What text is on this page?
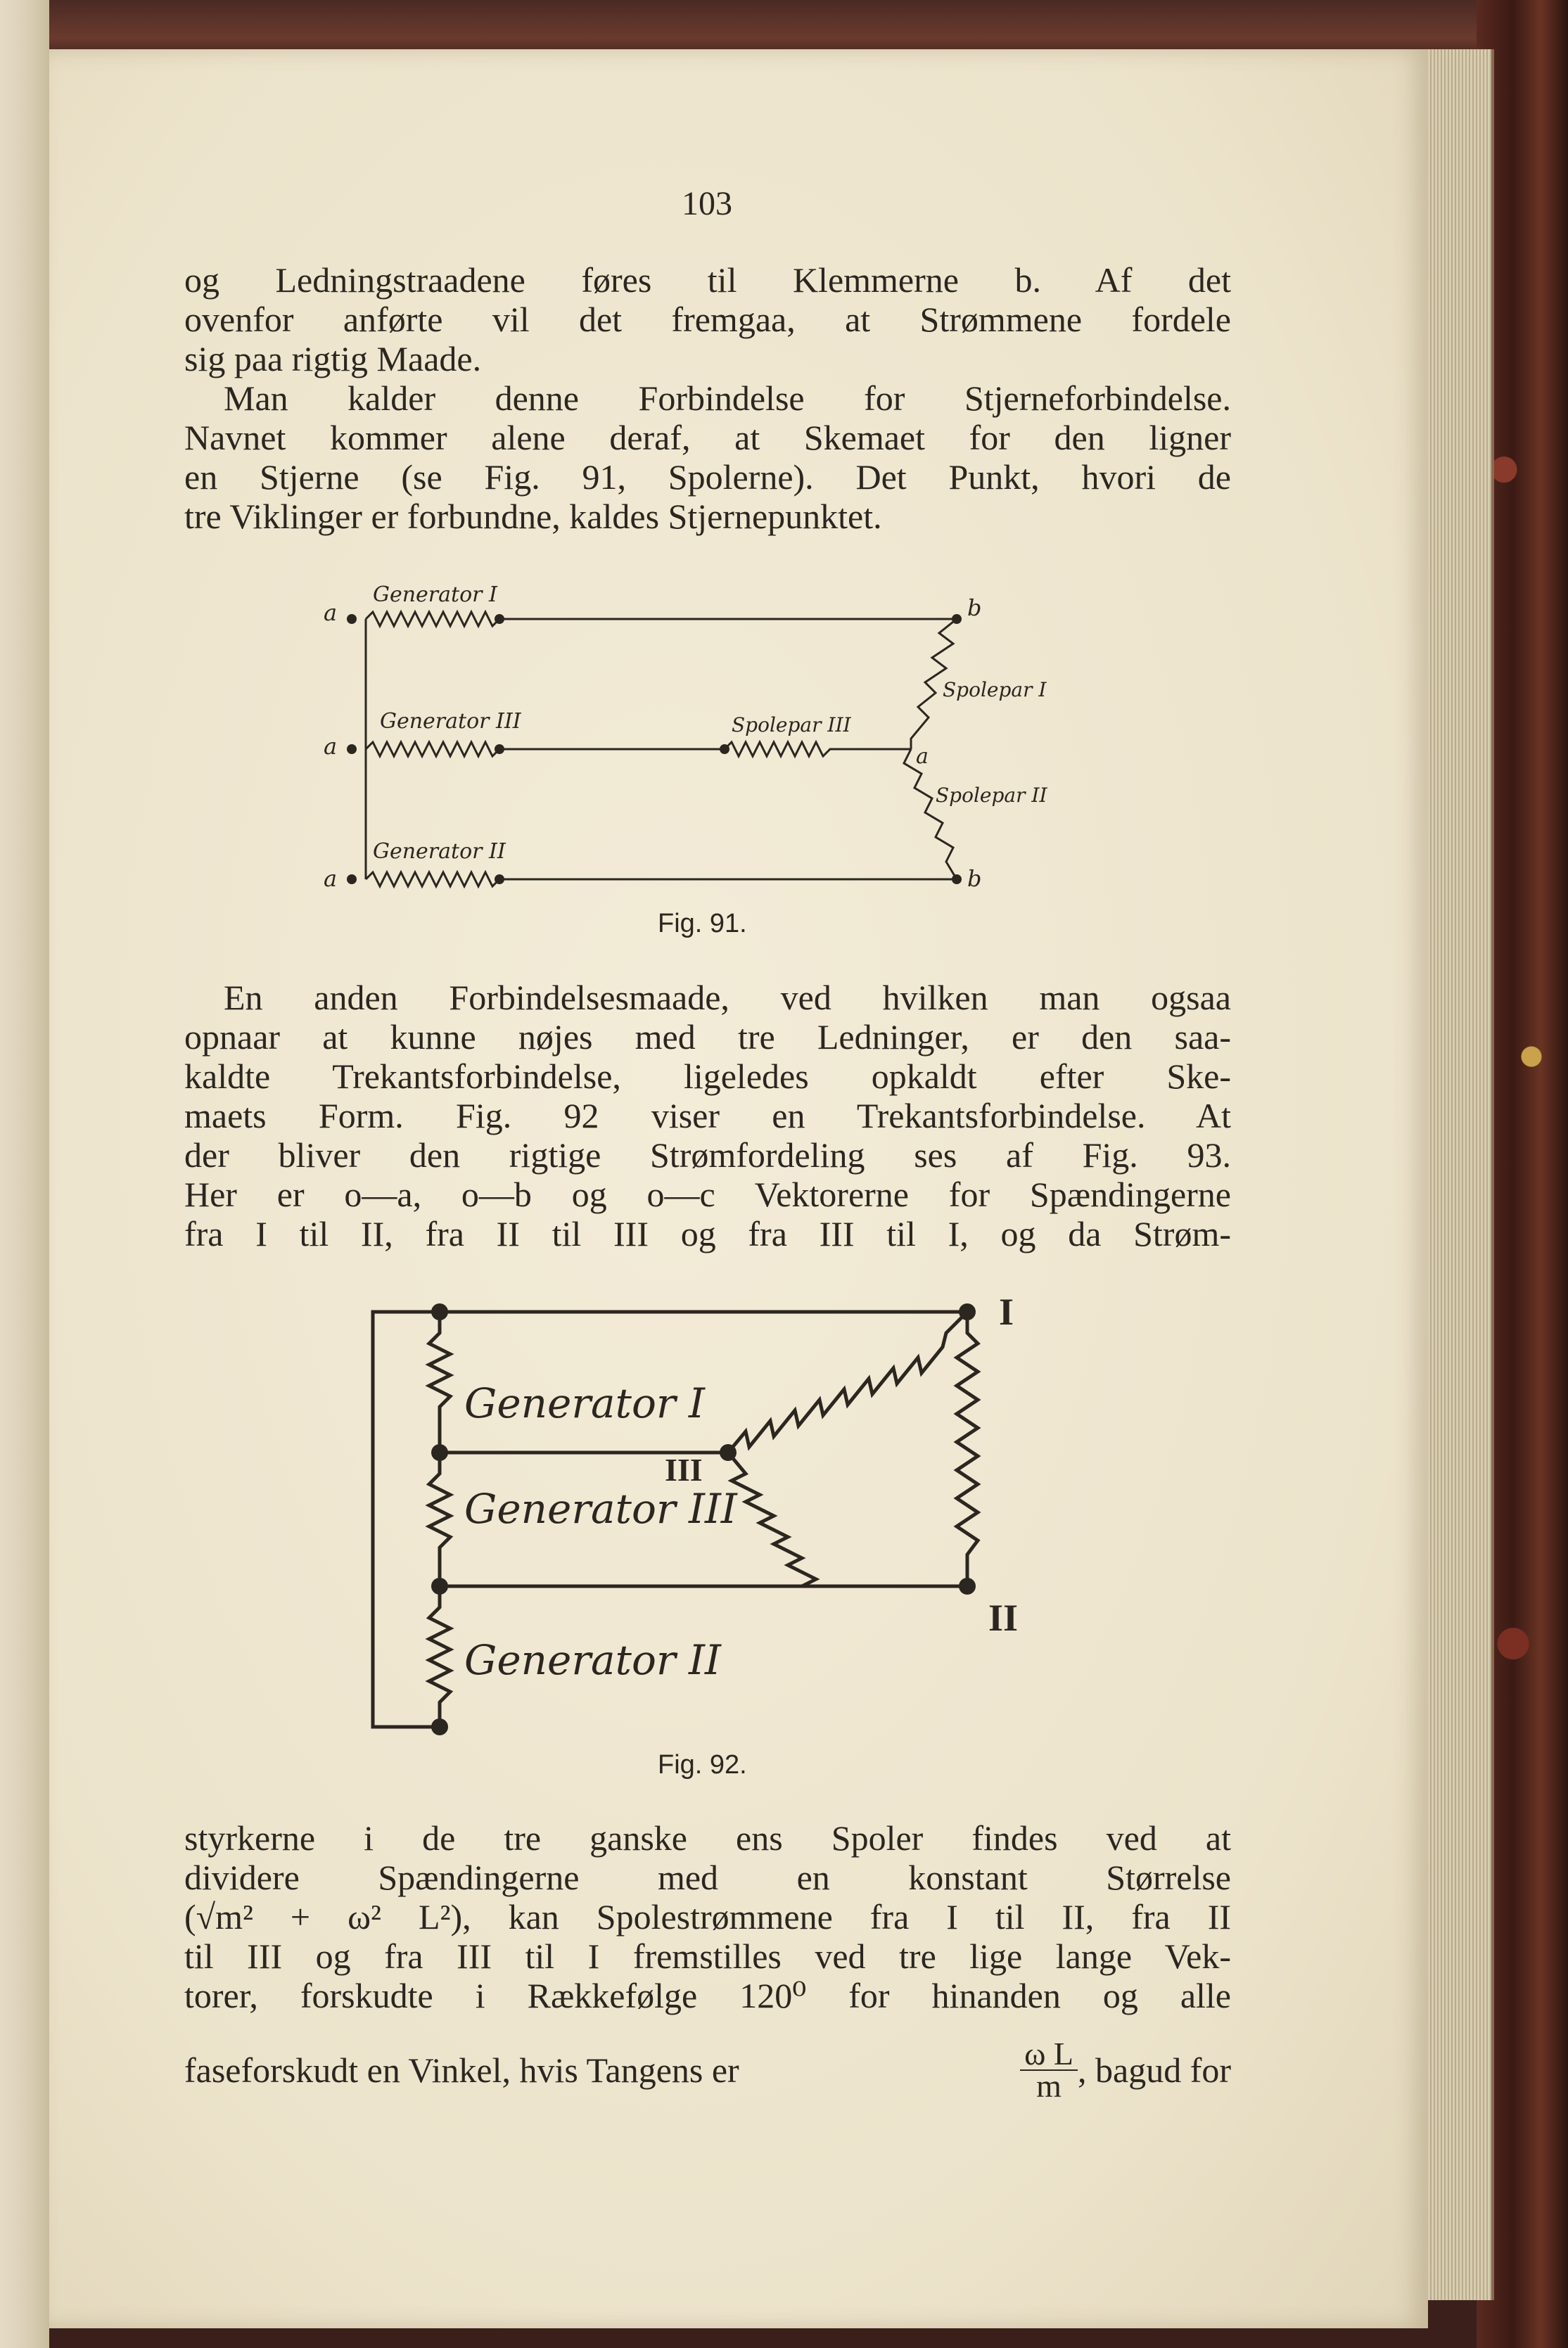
103
og Ledningstraadene føres til Klemmerne b. Af det
ovenfor anførte vil det fremgaa, at Strømmene fordele
sig paa rigtig Maade.
Man kalder denne Forbindelse for Stjerneforbindelse.
Navnet kommer alene deraf, at Skemaet for den ligner
en Stjerne (se Fig. 91, Spolerne). Det Punkt, hvori de
tre Viklinger er forbundne, kaldes Stjernepunktet.
a
a
a
b
b
a
Generator I
Generator III
Generator II
Spolepar I
Spolepar II
Spolepar III
Fig. 91.
En anden Forbindelsesmaade, ved hvilken man ogsaa
opnaar at kunne nøjes med tre Ledninger, er den saa-
kaldte Trekantsforbindelse, ligeledes opkaldt efter Ske-
maets Form. Fig. 92 viser en Trekantsforbindelse. At
der bliver den rigtige Strømfordeling ses af Fig. 93.
Her er o—a, o—b og o—c Vektorerne for Spændingerne
fra I til II, fra II til III og fra III til I, og da Strøm-
Generator I
Generator III
Generator II
I
II
III
Fig. 92.
styrkerne i de tre ganske ens Spoler findes ved at
dividere Spændingerne med en konstant Størrelse
(√m² + ω² L²), kan Spolestrømmene fra I til II, fra II
til III og fra III til I fremstilles ved tre lige lange Vek-
torer, forskudte i Rækkefølge 120⁰ for hinanden og alle
faseforskudt en Vinkel, hvis Tangens er	$\frac{\text{ω L}}{m}$ , bagud for
